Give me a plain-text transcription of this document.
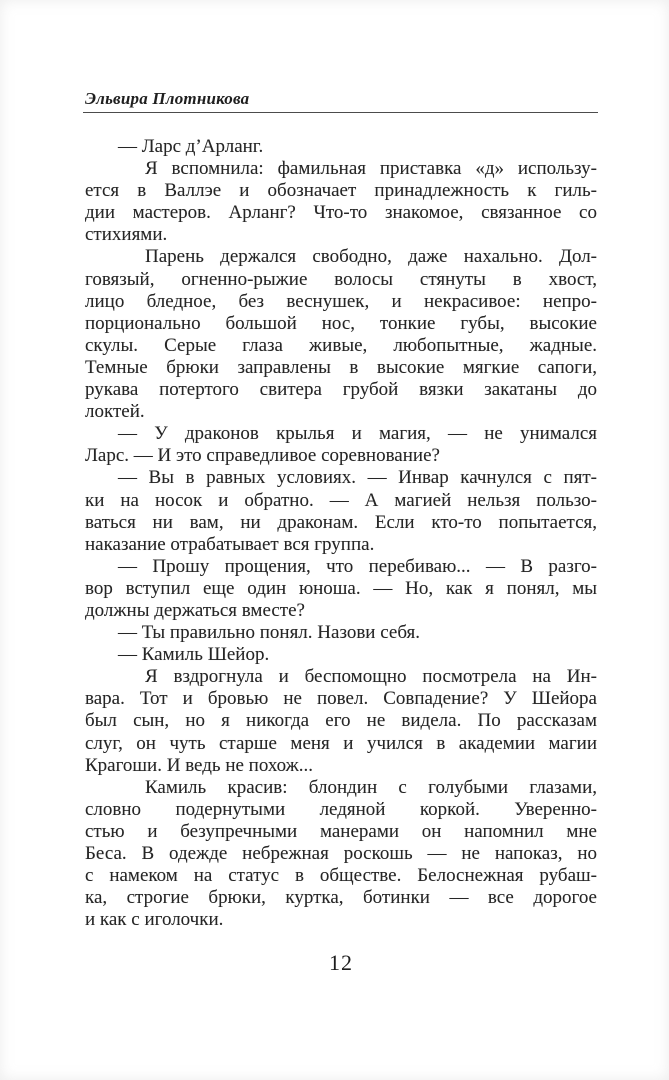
Эльвира Плотникова
— Ларс д’Арланг.
Я вспомнила: фамильная приставка «д» использу-
ется в Валлэе и обозначает принадлежность к гиль-
дии мастеров. Арланг? Что-то знакомое, связанное со
стихиями.
Парень держался свободно, даже нахально. Дол-
говязый, огненно-рыжие волосы стянуты в хвост,
лицо бледное, без веснушек, и некрасивое: непро-
порционально большой нос, тонкие губы, высокие
скулы. Серые глаза живые, любопытные, жадные.
Темные брюки заправлены в высокие мягкие сапоги,
рукава потертого свитера грубой вязки закатаны до
локтей.
— У драконов крылья и магия, — не унимался
Ларс. — И это справедливое соревнование?
— Вы в равных условиях. — Инвар качнулся с пят-
ки на носок и обратно. — А магией нельзя пользо-
ваться ни вам, ни драконам. Если кто-то попытается,
наказание отрабатывает вся группа.
— Прошу прощения, что перебиваю... — В разго-
вор вступил еще один юноша. — Но, как я понял, мы
должны держаться вместе?
— Ты правильно понял. Назови себя.
— Камиль Шейор.
Я вздрогнула и беспомощно посмотрела на Ин-
вара. Тот и бровью не повел. Совпадение? У Шейора
был сын, но я никогда его не видела. По рассказам
слуг, он чуть старше меня и учился в академии магии
Крагоши. И ведь не похож...
Камиль красив: блондин с голубыми глазами,
словно подернутыми ледяной коркой. Уверенно-
стью и безупречными манерами он напомнил мне
Беса. В одежде небрежная роскошь — не напоказ, но
с намеком на статус в обществе. Белоснежная рубаш-
ка, строгие брюки, куртка, ботинки — все дорогое
и как с иголочки.
12
